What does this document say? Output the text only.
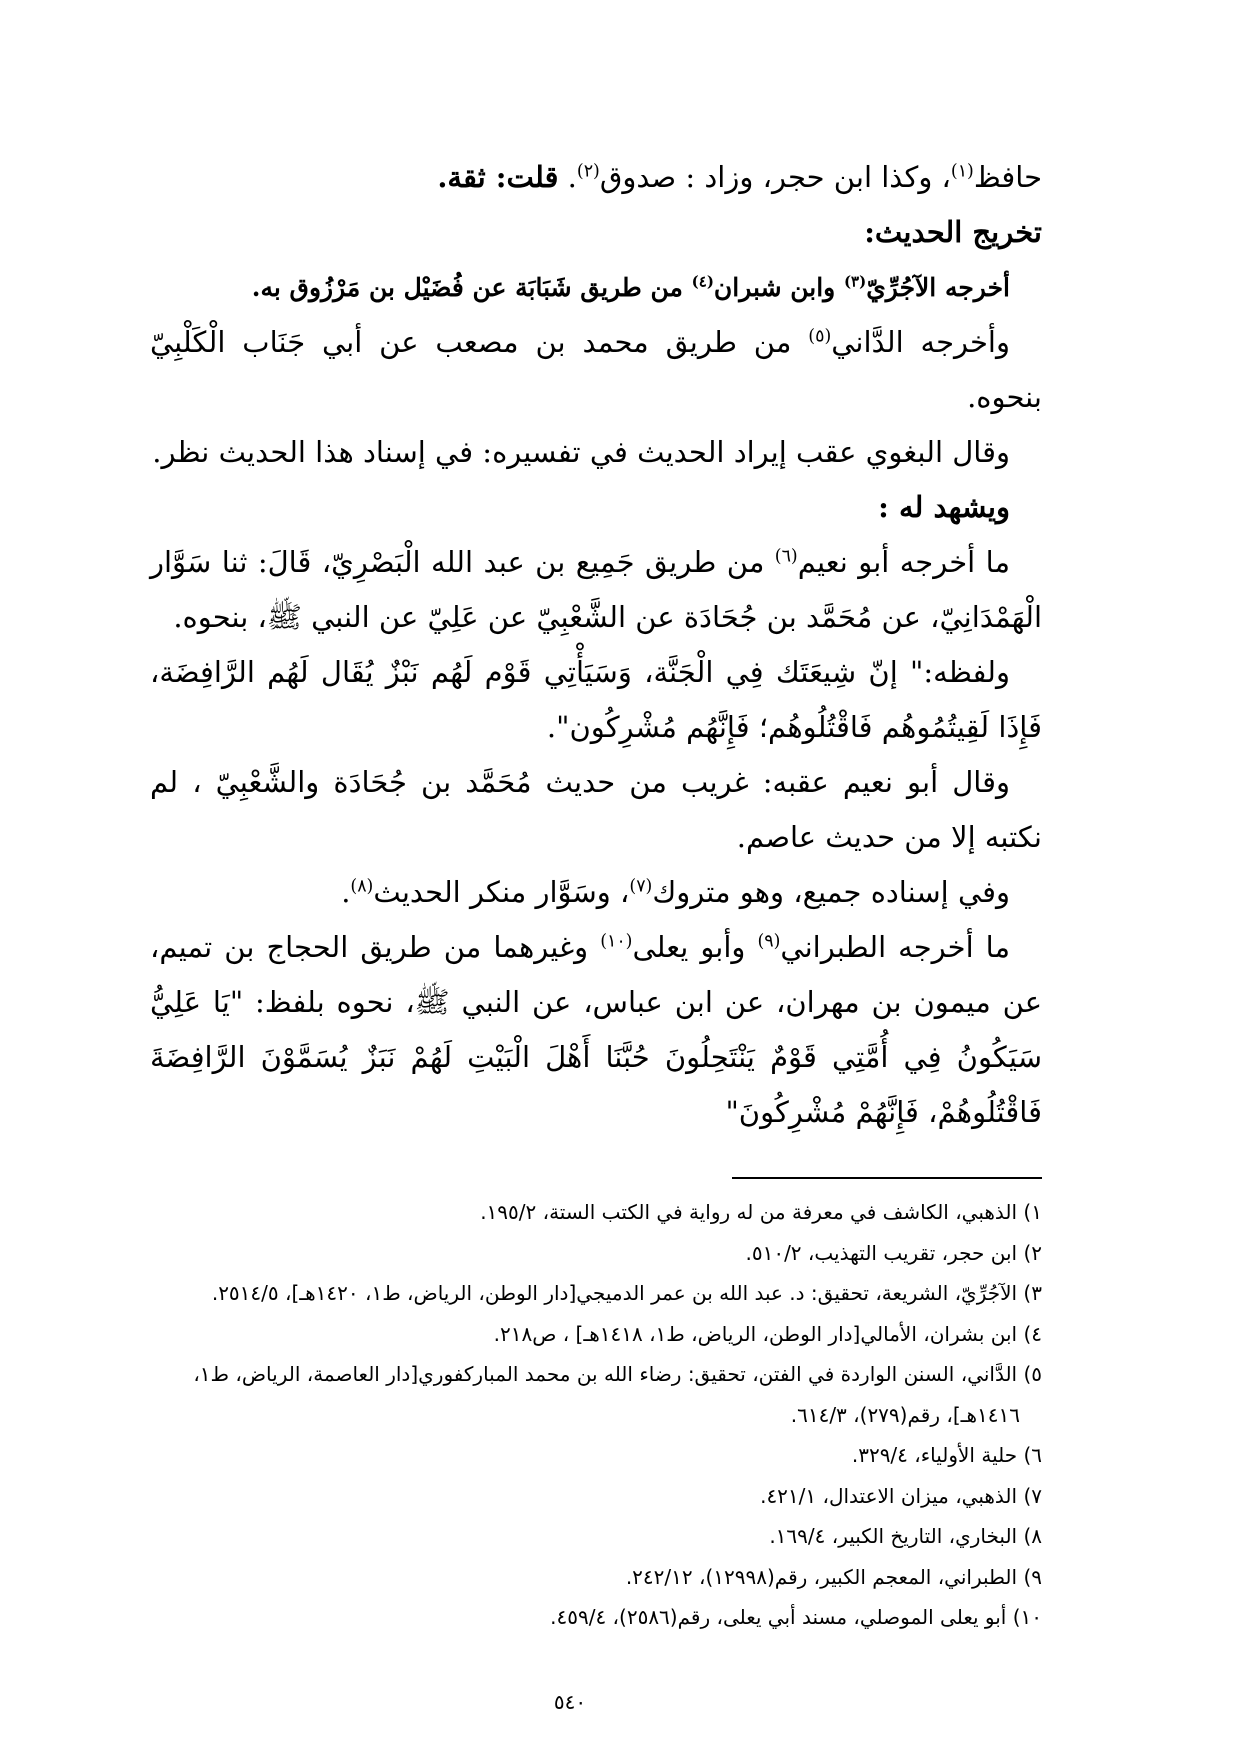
حافظ$^{(١)}$، وكذا ابن حجر، وزاد : صدوق$^{(٢)}$. قلت: ثقة.

تخريج الحديث:

أخرجه الآجُرِّيّ$^{(٣)}$ وابن شبران$^{(٤)}$ من طريق شَبَابَة عن فُضَيْل بن مَرْزُوق به.

وأخرجه الدَّاني$^{(٥)}$ من طريق محمد بن مصعب عن أبي جَنَاب الْكَلْبِيّ بنحوه.

وقال البغوي عقب إيراد الحديث في تفسيره: في إسناد هذا الحديث نظر.

ويشهد له :

ما أخرجه أبو نعيم$^{(٦)}$ من طريق جَمِيع بن عبد الله الْبَصْرِيّ، قَالَ: ثنا سَوَّار الْهَمْدَانِيّ، عن مُحَمَّد بن جُحَادَة عن الشَّعْبِيّ عن عَلِيّ عن النبي ﷺ، بنحوه.

ولفظه:" إنّ شِيعَتَك فِي الْجَنَّة، وَسَيَأْتِي قَوْم لَهُم نَبْزٌ يُقَال لَهُم الرَّافِضَة، فَإِذَا لَقِيتُمُوهُم فَاقْتُلُوهُم؛ فَإِنَّهُم مُشْرِكُون".

وقال أبو نعيم عقبه: غريب من حديث مُحَمَّد بن جُحَادَة والشَّعْبِيّ ، لم نكتبه إلا من حديث عاصم.

وفي إسناده جميع، وهو متروك$^{(٧)}$، وسَوَّار منكر الحديث$^{(٨)}$.

ما أخرجه الطبراني$^{(٩)}$ وأبو يعلى$^{(١٠)}$ وغيرهما من طريق الحجاج بن تميم، عن ميمون بن مهران، عن ابن عباس، عن النبي ﷺ، نحوه بلفظ: "يَا عَلِيُّ سَيَكُونُ فِي أُمَّتِي قَوْمٌ يَنْتَحِلُونَ حُبَّنَا أَهْلَ الْبَيْتِ لَهُمْ نَبَزٌ يُسَمَّوْنَ الرَّافِضَةَ فَاقْتُلُوهُمْ، فَإِنَّهُمْ مُشْرِكُونَ"

١) الذهبي، الكاشف في معرفة من له رواية في الكتب الستة، ١٩٥/٢.

٢) ابن حجر، تقريب التهذيب، ٥١٠/٢.

٣) الآجُرِّيّ، الشريعة، تحقيق: د. عبد الله بن عمر الدميجي[دار الوطن، الرياض، ط١، ١٤٢٠هـ]، ٢٥١٤/٥.

٤) ابن بشران، الأمالي[دار الوطن، الرياض، ط١، ١٤١٨هـ] ، ص٢١٨.

٥) الدَّاني، السنن الواردة في الفتن، تحقيق: رضاء الله بن محمد المباركفوري[دار العاصمة، الرياض، ط١، ١٤١٦هـ]، رقم(٢٧٩)، ٦١٤/٣.

٦) حلية الأولياء، ٣٢٩/٤.

٧) الذهبي، ميزان الاعتدال، ٤٢١/١.

٨) البخاري، التاريخ الكبير، ١٦٩/٤.

٩) الطبراني، المعجم الكبير، رقم(١٢٩٩٨)، ٢٤٢/١٢.

١٠) أبو يعلى الموصلي، مسند أبي يعلى، رقم(٢٥٨٦)، ٤٥٩/٤.

٥٤٠
